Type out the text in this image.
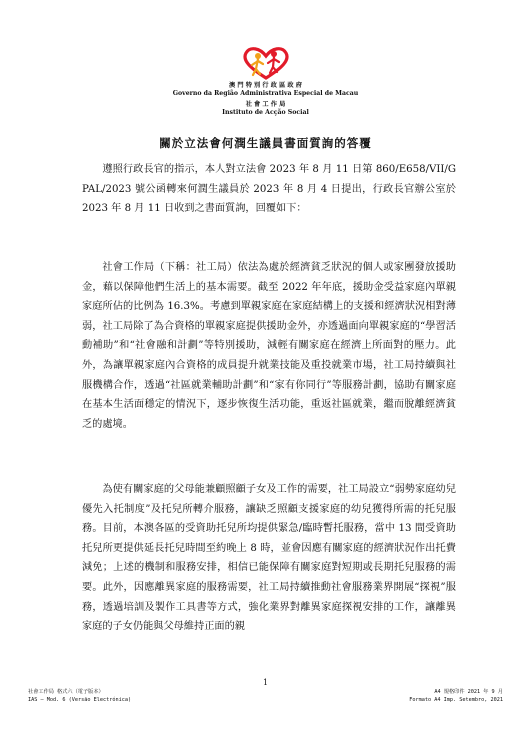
澳 門 特 別 行 政 區 政 府
Governo da Região Administrativa Especial de Macau
社 會 工 作 局
Instituto de Acção Social
關於立法會何潤生議員書面質詢的答覆

遵照行政長官的指示，本人對立法會 2023 年 8 月 11 日第 860/E658/VII/GPAL/2023 號公函轉來何潤生議員於 2023 年 8 月 4 日提出，行政長官辦公室於 2023 年 8 月 11 日收到之書面質詢，回覆如下：

社會工作局（下稱：社工局）依法為處於經濟貧乏狀況的個人或家團發放援助金，藉以保障他們生活上的基本需要。截至 2022 年年底，援助金受益家庭內單親家庭所佔的比例為 16.3%。考慮到單親家庭在家庭結構上的支援和經濟狀況相對薄弱，社工局除了為合資格的單親家庭提供援助金外，亦透過面向單親家庭的“學習活動補助”和“社會融和計劃”等特別援助，減輕有關家庭在經濟上所面對的壓力。此外，為讓單親家庭內合資格的成員提升就業技能及重投就業市場，社工局持續與社服機構合作，透過“社區就業輔助計劃”和“家有你同行”等服務計劃，協助有關家庭在基本生活面穩定的情況下，逐步恢復生活功能，重返社區就業，繼而脫離經濟貧乏的處境。

為使有關家庭的父母能兼顧照顧子女及工作的需要，社工局設立“弱勢家庭幼兒優先入托制度”及托兒所轉介服務，讓缺乏照顧支援家庭的幼兒獲得所需的托兒服務。目前，本澳各區的受資助托兒所均提供緊急/臨時暫托服務，當中 13 間受資助托兒所更提供延長托兒時間至約晚上 8 時，並會因應有關家庭的經濟狀況作出托費減免；上述的機制和服務安排，相信已能保障有關家庭對短期或長期托兒服務的需要。此外，因應離異家庭的服務需要，社工局持續推動社會服務業界開展“探視”服務，透過培訓及製作工具書等方式，強化業界對離異家庭探視安排的工作，讓離異家庭的子女仍能與父母維持正面的親

1
社會工作局 格式六（電子版本）	A4 規格印件 2021 年 9 月
IAS – Mod. 6 (Versão Electrónica)	Formato A4 Imp. Setembro, 2021
